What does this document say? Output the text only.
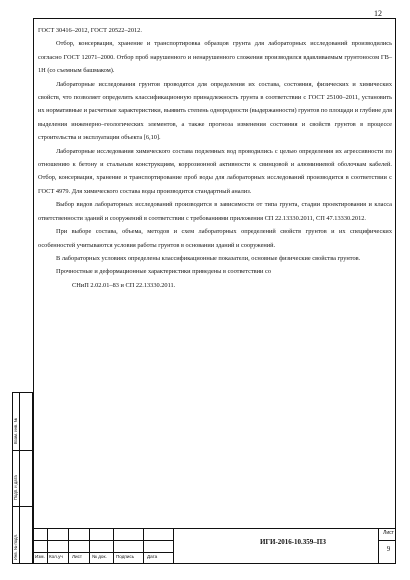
12

ГОСТ 30416–2012, ГОСТ 20522–2012.

Отбор, консервация, хранение и транспортировка образцов грунта для лабораторных исследований производились согласно ГОСТ 12071–2000. Отбор проб нарушенного и ненарушенного сложения производился вдавливаемым грунтоносом ГВ–1Н (со съемным башмаком).

Лабораторные исследования грунтов проводятся для определения их состава, состояния, физических и химических свойств, что позволяет определить классификационную принадлежность грунта в соответствии с ГОСТ 25100–2011, установить их нормативные и расчетные характеристики, выявить степень однородности (выдержанности) грунтов по площади и глубине для выделения инженерно–геологических элементов, а также прогноза изменения состояния и свойств грунтов в процессе строительства и эксплуатации объекта [6,10].

Лабораторные исследования химического состава подземных вод проводились с целью определения их агрессивности по отношению к бетону и стальным конструкциям, коррозионной активности к свинцовой и алюминиевой оболочкам кабелей. Отбор, консервация, хранение и транспортирование проб воды для лабораторных исследований производится в соответствии с ГОСТ 4979. Для химического состава воды производится стандартный анализ.

Выбор видов лабораторных исследований производится в зависимости от типа грунта, стадии проектирования и класса ответственности зданий и сооружений в соответствии с требованиями приложения СП 22.13330.2011, СП 47.13330.2012.

При выборе состава, объема, методов и схем лабораторных определений свойств грунтов и их специфических особенностей учитываются условия работы грунтов в основании зданий и сооружений.

В лабораторных условиях определены классификационные показатели, основные физические свойства грунтов.

Прочностные и деформационные характеристики приведены в соответствии со

СНиП 2.02.01–83 и СП 22.13330.2011.

Взам. инв. №
Подп. и дата
Инв. № подл.	Изм. Кол.уч Лист № док. Подпись	Дата
ИГИ-2016-10.359–ПЗ
Лист
9
